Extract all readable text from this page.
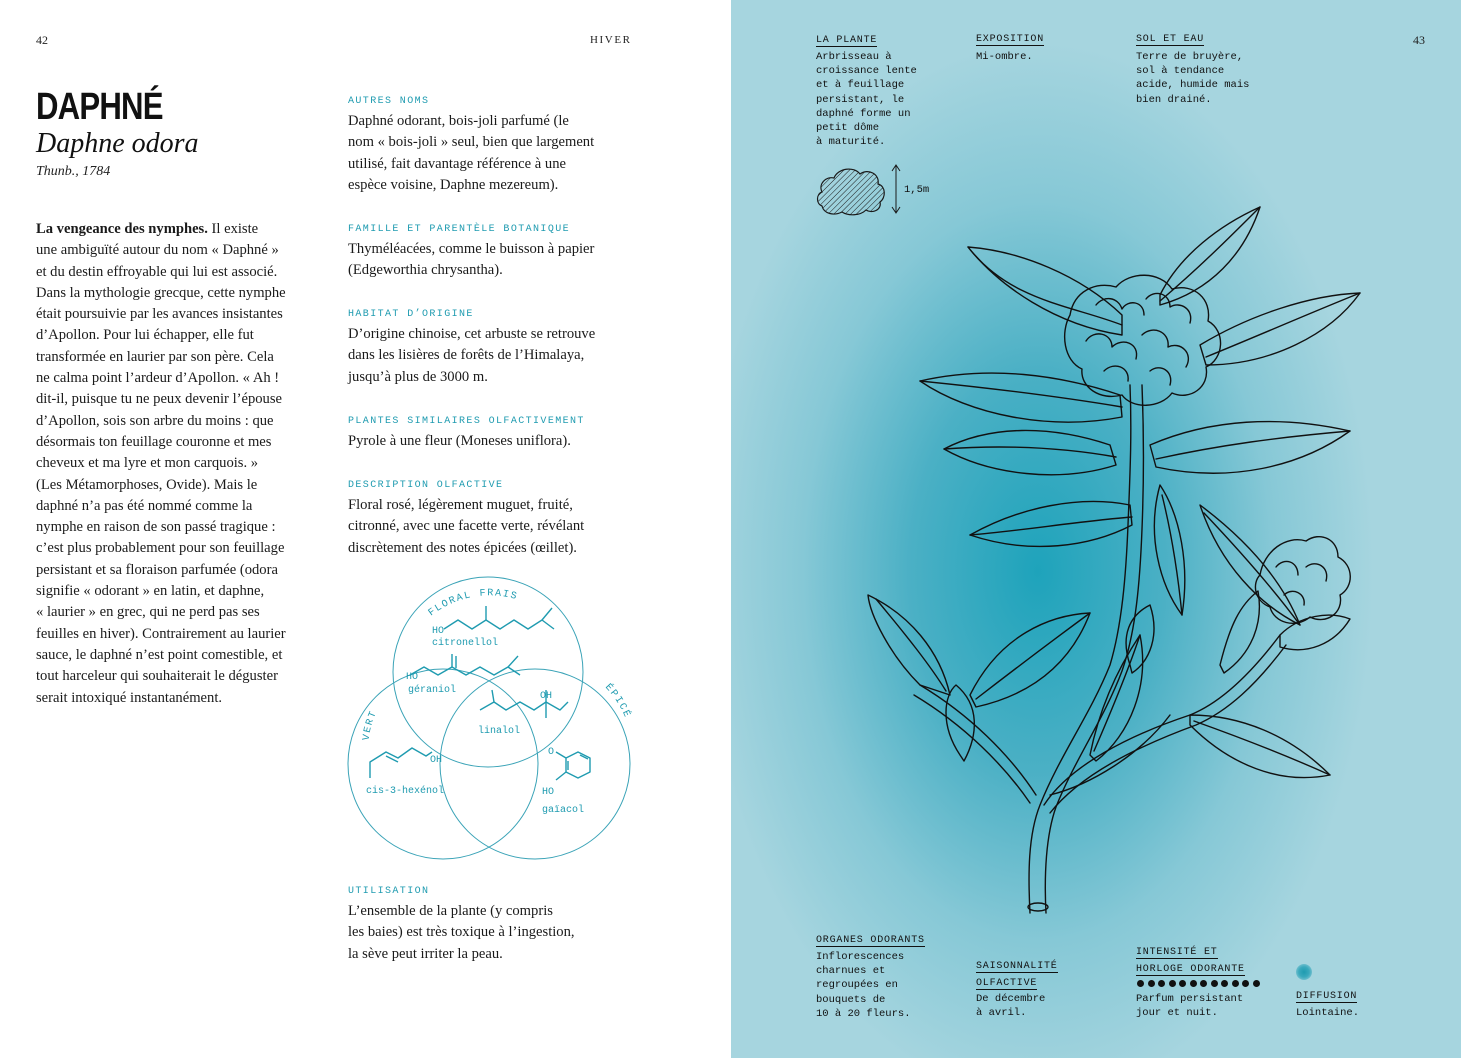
42	HIVER
DAPHNÉ
Daphne odora
Thunb., 1784
La vengeance des nymphes. Il existe
une ambiguïté autour du nom « Daphné »
et du destin effroyable qui lui est associé.
Dans la mythologie grecque, cette nymphe
était poursuivie par les avances insistantes
d’Apollon. Pour lui échapper, elle fut
transformée en laurier par son père. Cela
ne calma point l’ardeur d’Apollon. « Ah !
dit-il, puisque tu ne peux devenir l’épouse
d’Apollon, sois son arbre du moins : que
désormais ton feuillage couronne et mes
cheveux et ma lyre et mon carquois. »
(Les Métamorphoses, Ovide). Mais le
daphné n’a pas été nommé comme la
nymphe en raison de son passé tragique :
c’est plus probablement pour son feuillage
persistant et sa floraison parfumée (odora
signifie « odorant » en latin, et daphne,
« laurier » en grec, qui ne perd pas ses
feuilles en hiver). Contrairement au laurier
sauce, le daphné n’est point comestible, et
tout harceleur qui souhaiterait le déguster
serait intoxiqué instantanément.
AUTRES NOMS
Daphné odorant, bois-joli parfumé (le
nom « bois-joli » seul, bien que largement
utilisé, fait davantage référence à une
espèce voisine, Daphne mezereum).
FAMILLE ET PARENTÈLE BOTANIQUE
Thyméléacées, comme le buisson à papier
(Edgeworthia chrysantha).
HABITAT D’ORIGINE
D’origine chinoise, cet arbuste se retrouve
dans les lisières de forêts de l’Himalaya,
jusqu’à plus de 3000 m.
PLANTES SIMILAIRES OLFACTIVEMENT
Pyrole à une fleur (Moneses uniflora).
DESCRIPTION OLFACTIVE
Floral rosé, légèrement muguet, fruité,
citronné, avec une facette verte, révélant
discrètement des notes épicées (œillet).
FLORAL FRAIS
VERT
ÉPICÉ
HO
HO
OH
OH
O
HO
citronellol
géraniol
linalol
cis-3-hexénol
gaïacol
UTILISATION
L’ensemble de la plante (y compris
les baies) est très toxique à l’ingestion,
la sève peut irriter la peau.
43
LA PLANTE
Arbrisseau à
croissance lente
et à feuillage
persistant, le
daphné forme un
petit dôme
à maturité.
EXPOSITION
Mi-ombre.
SOL ET EAU
Terre de bruyère,
sol à tendance
acide, humide mais
bien drainé.
1,5m
ORGANES ODORANTS
Inflorescences
charnues et
regroupées en
bouquets de
10 à 20 fleurs.
SAISONNALITÉ
OLFACTIVE
De décembre
à avril.
INTENSITÉ ET
HORLOGE ODORANTE
Parfum persistant
jour et nuit.
DIFFUSION
Lointaine.
